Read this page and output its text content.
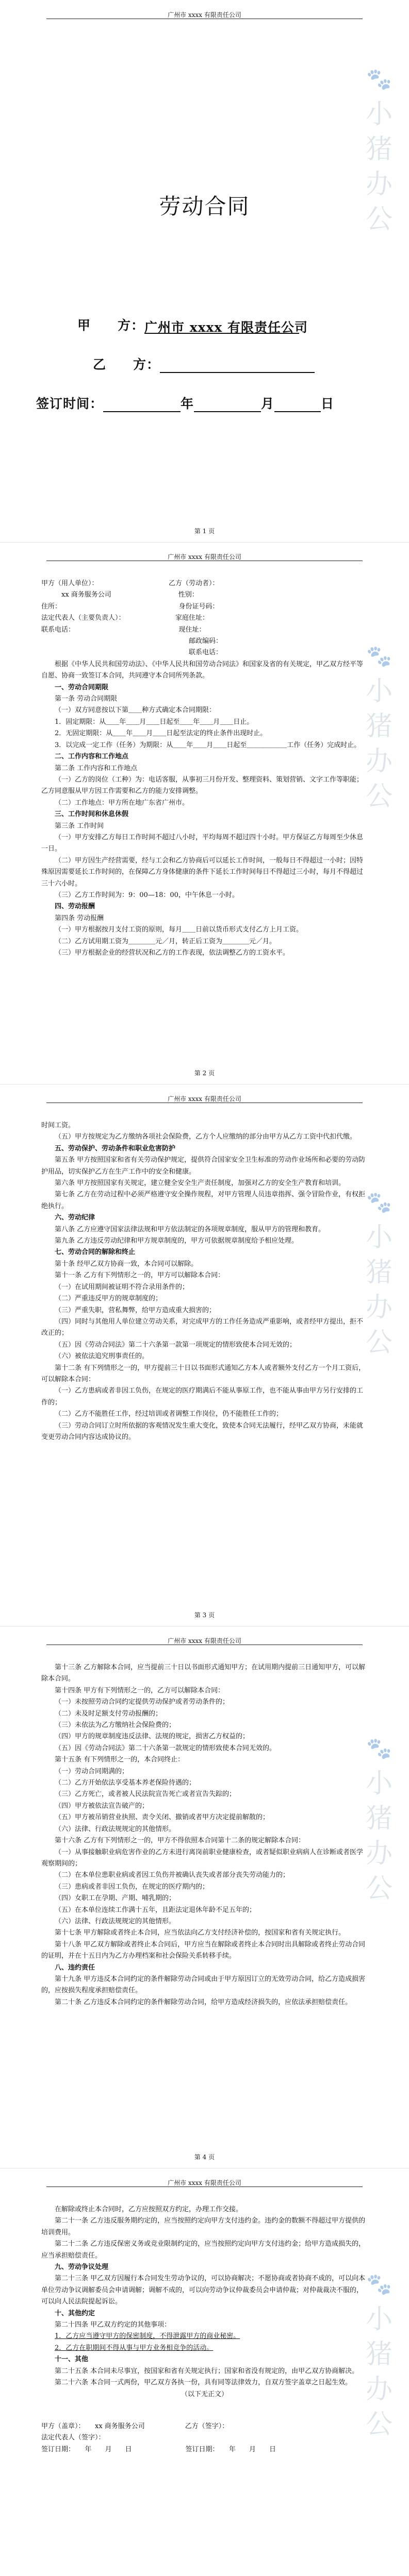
广州市 xxxx 有限责任公司
劳动合同
甲　　方：广州市 xxxx 有限责任公司
乙　　方：
签订时间：	年	月	日
第 1 页
广州市 xxxx 有限责任公司

甲方（用人单位）：　　　　　　　　　　　乙方（劳动者）：

　　　xx 商务服务公司　　　　　　　　　　性别：

住所：　　　　　　　　　　　　　　　　　　身份证号码：

法定代表人（主要负责人）：　　　　　　　　家庭住址：

联系电话：　　　　　　　　　　　　　　　　现住址：

　　　　　　　　　　　　　　　　　　　　　　邮政编码：

　　　　　　　　　　　　　　　　　　　　　　联系电话：

根据《中华人民共和国劳动法》、《中华人民共和国劳动合同法》和国家及省的有关规定，甲乙双方经平等自愿、协商一致签订本合同，共同遵守本合同所列条款。

一、劳动合同期限

第一条 劳动合同期限

（一）双方同意按以下第＿＿种方式确定本合同期限：

1．固定期限：从＿＿年＿＿月＿＿日起至＿＿年＿＿月＿＿日止。

2．无固定期限：从＿＿年＿＿月＿＿日起至法定的终止条件出现时止。

3．以完成一定工作（任务）为期限：从＿＿年＿＿月＿＿日起至＿＿＿＿＿＿工作（任务）完成时止。

二、工作内容和工作地点

第二条 工作内容和工作地点

（一）乙方的岗位（工种）为：电话客服，从事初三月份开发、整理资料、策划营销、文字工作等职能；乙方同意服从甲方因工作需要和乙方的能力安排调整。

（二）工作地点：甲方所在地广东省广州市。

三、工作时间和休息休假

第三条 工作时间

（一）甲方安排乙方每日工作时间不超过八小时，平均每周不超过四十小时。甲方保证乙方每周至少休息一日。

（二）甲方因生产经营需要，经与工会和乙方协商后可以延长工作时间，一般每日不得超过一小时；因特殊原因需要延长工作时间的，在保障乙方身体健康的条件下延长工作时间每日不得超过三小时，每月不得超过三十六小时。

（三）乙方工作时间为：9：00—18：00，中午休息一小时。

四、劳动报酬

第四条 劳动报酬

（一）甲方根据按月支付工资的原则，每月＿＿日前以货币形式支付乙方上月工资。

（二）乙方试用期工资为＿＿＿＿元／月，转正后工资为＿＿＿＿元／月。

（三）甲方根据企业的经营状况和乙方的工作表现，依法调整乙方的工资水平。

第 2 页
广州市 xxxx 有限责任公司

时间工资。

（五）甲方按规定为乙方缴纳各项社会保险费，乙方个人应缴纳的部分由甲方从乙方工资中代扣代缴。

五、劳动保护、劳动条件和职业危害防护

第五条 甲方按照国家和省有关劳动保护规定，提供符合国家安全卫生标准的劳动作业场所和必要的劳动防护用品，切实保护乙方在生产工作中的安全和健康。

第六条 甲方按照国家有关规定，建立健全安全生产责任制度，加强对乙方的安全生产教育和培训。

第七条 乙方在劳动过程中必须严格遵守安全操作规程，对甲方管理人员违章指挥、强令冒险作业，有权拒绝执行。

六、劳动纪律

第八条 乙方应遵守国家法律法规和甲方依法制定的各项规章制度，服从甲方的管理和教育。

第九条 乙方违反劳动纪律和甲方规章制度的，甲方可依据规章制度给予相应处理。

七、劳动合同的解除和终止

第十条 经甲乙双方协商一致，本合同可以解除。

第十一条 乙方有下列情形之一的，甲方可以解除本合同：

（一）在试用期间被证明不符合录用条件的；

（二）严重违反甲方的规章制度的；

（三）严重失职，营私舞弊，给甲方造成重大损害的；

（四）同时与其他用人单位建立劳动关系，对完成甲方的工作任务造成严重影响，或者经甲方提出，拒不改正的；

（五）因《劳动合同法》第二十六条第一款第一项规定的情形致使本合同无效的；

（六）被依法追究刑事责任的。

第十二条 有下列情形之一的，甲方提前三十日以书面形式通知乙方本人或者额外支付乙方一个月工资后，可以解除本合同：

（一）乙方患病或者非因工负伤，在规定的医疗期满后不能从事原工作，也不能从事由甲方另行安排的工作的；

（二）乙方不能胜任工作，经过培训或者调整工作岗位，仍不能胜任工作的；

（三）劳动合同订立时所依据的客观情况发生重大变化，致使本合同无法履行，经甲乙双方协商，未能就变更劳动合同内容达成协议的。

第 3 页
广州市 xxxx 有限责任公司

第十三条 乙方解除本合同，应当提前三十日以书面形式通知甲方；在试用期内提前三日通知甲方，可以解除本合同。

第十四条 甲方有下列情形之一的，乙方可以解除本合同：

（一）未按照劳动合同约定提供劳动保护或者劳动条件的；

（二）未及时足额支付劳动报酬的；

（三）未依法为乙方缴纳社会保险费的；

（四）甲方的规章制度违反法律、法规的规定，损害乙方权益的；

（五）因《劳动合同法》第二十六条第一款规定的情形致使本合同无效的。

第十五条 有下列情形之一的，本合同终止：

（一）劳动合同期满的；

（二）乙方开始依法享受基本养老保险待遇的；

（三）乙方死亡，或者被人民法院宣告死亡或者宣告失踪的；

（四）甲方被依法宣告破产的；

（五）甲方被吊销营业执照、责令关闭、撤销或者甲方决定提前解散的；

（六）法律、行政法规规定的其他情形。

第十六条 乙方有下列情形之一的，甲方不得依照本合同第十二条的规定解除本合同：

（一）从事接触职业病危害作业的乙方未进行离岗前职业健康检查，或者疑似职业病病人在诊断或者医学观察期间的；

（二）在本单位患职业病或者因工负伤并被确认丧失或者部分丧失劳动能力的；

（三）患病或者非因工负伤，在规定的医疗期内的；

（四）女职工在孕期、产期、哺乳期的；

（五）在本单位连续工作满十五年，且距法定退休年龄不足五年的；

（六）法律、行政法规规定的其他情形。

第十七条 甲方解除或者终止本合同，应当依法向乙方支付经济补偿的，按国家和省有关规定执行。

第十八条 甲乙双方解除或者终止本合同后，甲方应当在解除或者终止本合同时出具解除或者终止劳动合同的证明，并在十五日内为乙方办理档案和社会保险关系转移手续。

八、违约责任

第十九条 甲方违反本合同约定的条件解除劳动合同或由于甲方原因订立的无效劳动合同，给乙方造成损害的，应按损失程度承担赔偿责任。

第二十条 乙方违反本合同约定的条件解除劳动合同，给甲方造成经济损失的，应依法承担赔偿责任。

第 4 页
广州市 xxxx 有限责任公司

在解除或终止本合同时，乙方应按照双方约定，办理工作交接。

第二十一条 乙方违反服务期约定的，应当按照约定向甲方支付违约金。违约金的数额不得超过甲方提供的培训费用。

第二十二条 乙方违反保密义务或竞业限制约定的，应当按照约定向甲方支付违约金；给甲方造成损失的，应当承担赔偿责任。

九、劳动争议处理

第二十三条 甲乙双方因履行本合同发生劳动争议的，可以协商解决；不愿协商或者协商不成的，可以向本单位劳动争议调解委员会申请调解；调解不成的，可以向劳动争议仲裁委员会申请仲裁；对仲裁裁决不服的，可以向人民法院提起诉讼。

十、其他约定

第二十四条 甲乙双方约定的其他事项：

1．乙方应当遵守甲方的保密制度，不得泄露甲方的商业秘密。

2．乙方在职期间不得从事与甲方业务相竞争的活动。

十一、其他

第二十五条 本合同未尽事宜，按国家和省有关规定执行；国家和省没有规定的，由甲乙双方协商解决。

第二十六条 本合同一式两份，甲乙双方各执一份，具有同等法律效力，自双方签字盖章之日起生效。

（以下无正文）

甲方（盖章）：　　xx 商务服务公司　　　　　　乙方（签字）：

法定代表人（签字）：

签订日期：　　年　　月　　日　　　　　　　　签订日期：　　年　　月　　日

🐾
小
猪
办
公
🐾
小
猪
办
公
🐾
小
猪
办
公
🐾
小
猪
办
公
🐾
小
猪
办
公
